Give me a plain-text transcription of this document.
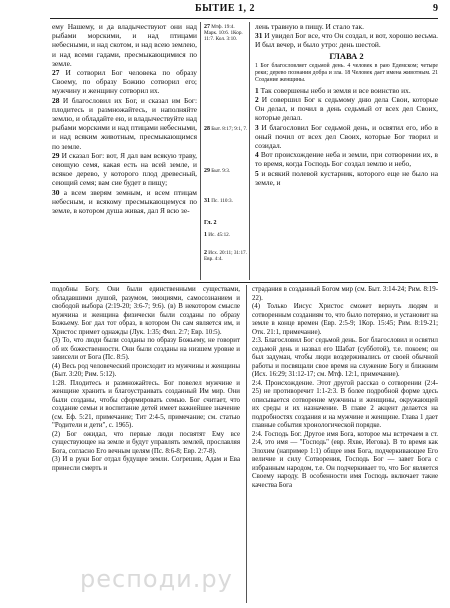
БЫТИЕ 1, 2	9

ему Нашему, и да владычествуют они над рыбами морскими, и над птицами небесными, и над скотом, и над всею землею, и над всеми гадами, пресмыкающимися по земле.

27 И сотворил Бог человека по образу Своему, по образу Божию сотворил его; мужчину и женщину сотворил их.

28 И благословил их Бог, и сказал им Бог: плодитесь и размножайтесь, и наполняйте землю, и обладайте ею, и владычествуйте над рыбами морскими и над птицами небесными, и над всяким животным, пресмыкающимся по земле.

29 И сказал Бог: вот, Я дал вам всякую траву, сеющую семя, какая есть на всей земле, и всякое дерево, у которого плод древесный, сеющий семя; вам сие будет в пищу;

30 а всем зверям земным, и всем птицам небесным, и всякому пресмыкающемуся по земле, в котором душа живая, дал Я всю зе-

27 Мтф. 19:4. Марк. 10:6. 1Кор. 11:7. Кол. 3:10.
28 Быт. 8:17; 9:1, 7.
29 Быт. 9:3.
31 Пс. 110:3.
Гл. 2
1 Ис. 45:12.
2 Исх. 20:11; 31:17. Евр. 4:4.

лень травную в пищу. И стало так.

31 И увидел Бог все, что Он создал, и вот, хорошо весьма. И был вечер, и было утро: день шестой.

ГЛАВА 2
1 Бог благословляет седьмой день. 4 человек в раю Едемском; четыре реки; дерево познания добра и зла. 18 Человек дает имена животным. 21 Создание женщины.

1 Так совершены небо и земля и все воинство их.

2 И совершил Бог к седьмому дню дела Свои, которые Он делал, и почил в день седьмый от всех дел Своих, которые делал.

3 И благословил Бог седьмой день, и освятил его, ибо в оный почил от всех дел Своих, которые Бог творил и созидал.

4 Вот происхождение неба и земли, при сотворении их, в то время, когда Господь Бог создал землю и небо,

5 и всякий полевой кустарник, которого еще не было на земле, и

подобны Богу. Они были единственными существами, обладавшими душой, разумом, эмоциями, самосознанием и свободой выбора (2:19-20; 3:6-7; 9:6). (в) В некотором смысле мужчина и женщина физически были созданы по образу Божьему. Бог дал тот образ, в котором Он сам является им, и Христос примет однажды (Лук. 1:35; Фил. 2:7; Евр. 10:5).

(3) То, что люди были созданы по образу Божьему, не говорит об их божественности. Они были созданы на низшем уровне и зависели от Бога (Пс. 8:5).

(4) Весь род человеческий происходит из мужчины и женщины (Быт. 3:20; Рим. 5:12).

1:28. Плодитесь и размножайтесь. Бог повелел мужчине и женщине хранить и благоустраивать созданный Им мир. Они были созданы, чтобы сформировать семью. Бог считает, что создание семьи и воспитание детей имеет важнейшее значение (см. Еф. 5:21, примечание; Тит 2:4-5, примечание; см. статью "Родители и дети", с. 1965).

(2) Бог ожидал, что первые люди посвятят Ему все существующее на земле и будут управлять землей, прославляя Бога, согласно Его вечным целям (Пс. 8:6-8; Евр. 2:7-8).

(3) И в руки Бог отдал будущее земли. Согрешив, Адам и Ева принесли смерть и

страдания в созданный Богом мир (см. Быт. 3:14-24; Рим. 8:19-22).

(4) Только Иисус Христос сможет вернуть людям и сотворенным созданиям то, что было потеряно, и установит на земле в конце времен (Евр. 2:5-9; 1Кор. 15:45; Рим. 8:19-21; Отк. 21:1, примечание).

2:3. Благословил Бог седьмой день. Бог благословил и освятил седьмой день и назвал его Шабат (субботой), т.е. покоем; он был задуман, чтобы люди воздерживались от своей обычной работы и посвящали свое время на служение Богу и ближним (Исх. 16:29; 31:12-17; см. Мтф. 12:1, примечание).

2:4. Происхождение. Этот другой рассказ о сотворении (2:4-25) не противоречит 1:1-2:3. В более подробной форме здесь описывается сотворение мужчины и женщины, окружающей их среды и их назначение. В главе 2 акцент делается на подробностях создания и на мужчине и женщине. Глава 1 дает главные события хронологической порядке.

2:4. Господь Бог. Другое имя Бога, которое мы встречаем в ст. 2:4, это имя — "Господь" (евр. Яхве, Иегова). В то время как Элохим (например 1:1) общее имя Бога, подчеркивающее Его величие и силу Сотворения, Господь Бог — завет Бога с избранным народом, т.е. Он подчеркивает то, что Бог является Своему народу. В особенности имя Господь включает такие качества Бога

респоди.ру
